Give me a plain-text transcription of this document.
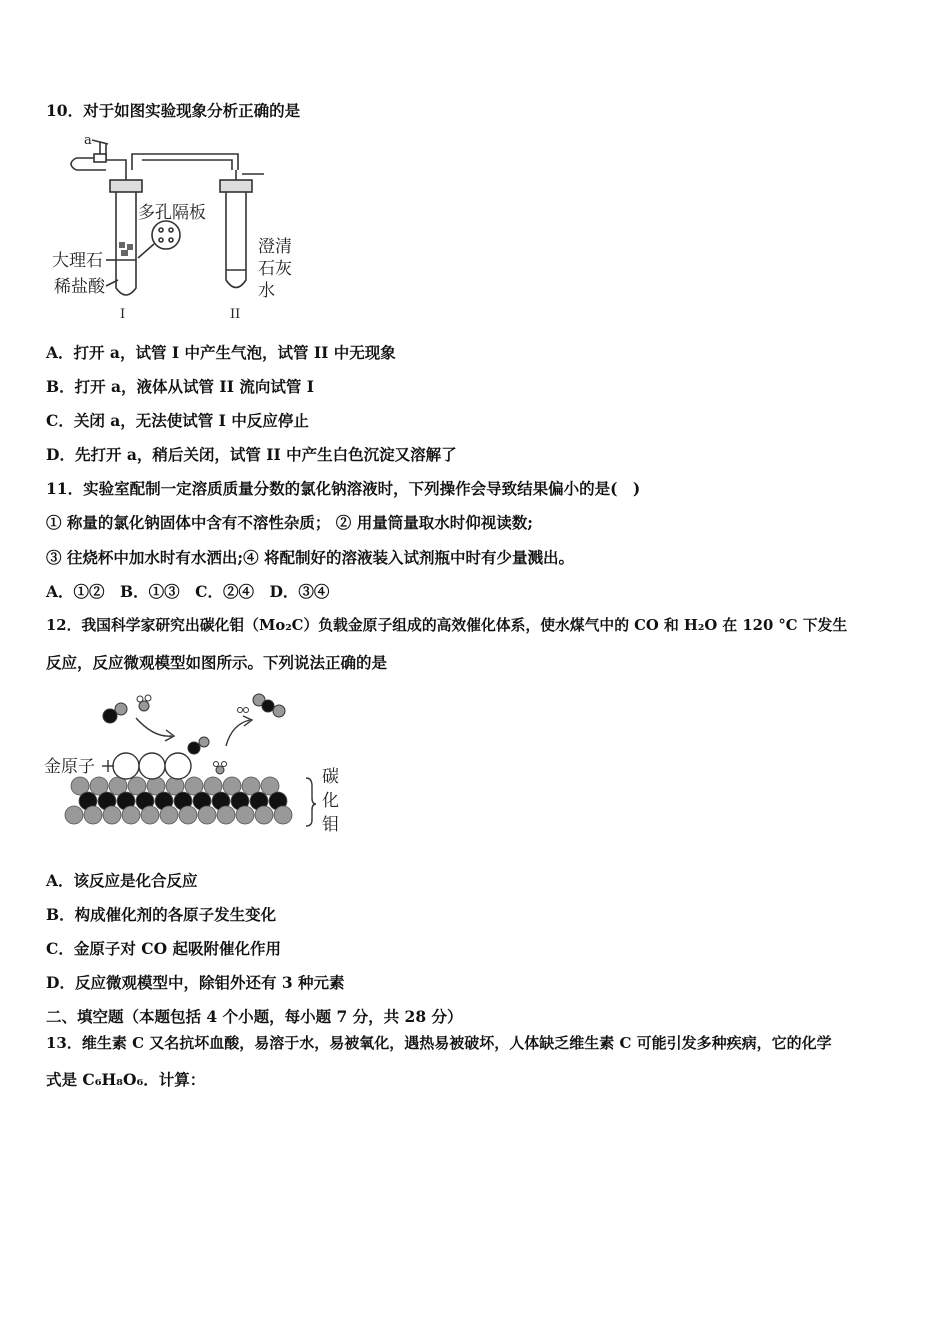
10．对于如图实验现象分析正确的是
a
多孔隔板
大理石
稀盐酸
澄清
石灰
水
I	II
A．打开 a，试管 I 中产生气泡，试管 II 中无现象
B．打开 a，液体从试管 II 流向试管 I
C．关闭 a，无法使试管 I 中反应停止
D．先打开 a，稍后关闭，试管 II 中产生白色沉淀又溶解了
11．实验室配制一定溶质质量分数的氯化钠溶液时，下列操作会导致结果偏小的是(　)
① 称量的氯化钠固体中含有不溶性杂质； ② 用量筒量取水时仰视读数;
③ 往烧杯中加水时有水洒出;④ 将配制好的溶液装入试剂瓶中时有少量溅出。
A．①②　B．①③　C．②④　D．③④
12．我国科学家研究出碳化钼（Mo₂C）负载金原子组成的高效催化体系，使水煤气中的 CO 和 H₂O 在 120 °C 下发生
反应，反应微观模型如图所示。下列说法正确的是
金原子	碳
化
钼
A．该反应是化合反应
B．构成催化剂的各原子发生变化
C．金原子对 CO 起吸附催化作用
D．反应微观模型中，除钼外还有 3 种元素
二、填空题（本题包括 4 个小题，每小题 7 分，共 28 分）
13．维生素 C 又名抗坏血酸，易溶于水，易被氧化，遇热易被破坏，人体缺乏维生素 C 可能引发多种疾病，它的化学
式是 C₆H₈O₆．计算：
